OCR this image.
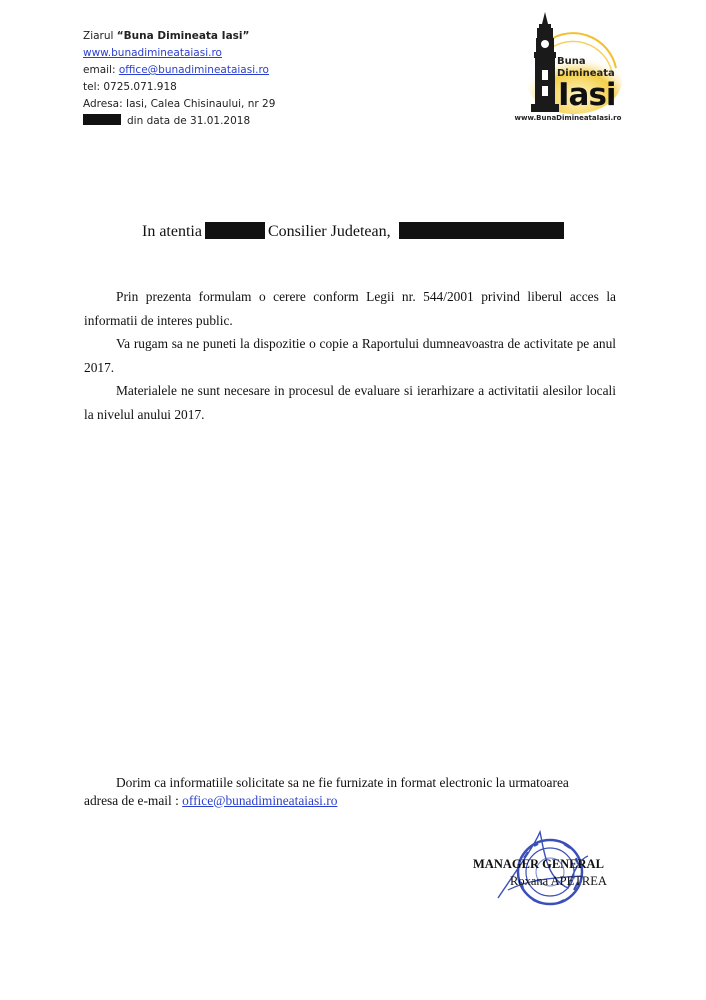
Ziarul “Buna Dimineata Iasi”
www.bunadimineataiasi.ro
email: office@bunadimineataiasi.ro
tel: 0725.071.918
Adresa: Iasi, Calea Chisinaului, nr 29
din data de 31.01.2018
Buna
Dimineata
Iasi
www.BunaDimineataIasi.ro
In atentia	Consilier Judetean,

Prin prezenta formulam o cerere conform Legii nr. 544/2001 privind liberul acces la informatii de interes public.

Va rugam sa ne puneti la dispozitie o copie a Raportului dumneavoastra de activitate pe anul 2017.

Materialele ne sunt necesare in procesul de evaluare si ierarhizare a activitatii alesilor locali la nivelul anului 2017.

Dorim ca informatiile solicitate sa ne fie furnizate in format electronic la urmatoarea adresa de e-mail : office@bunadimineataiasi.ro
MANAGER GENERAL
Roxana APETREA
